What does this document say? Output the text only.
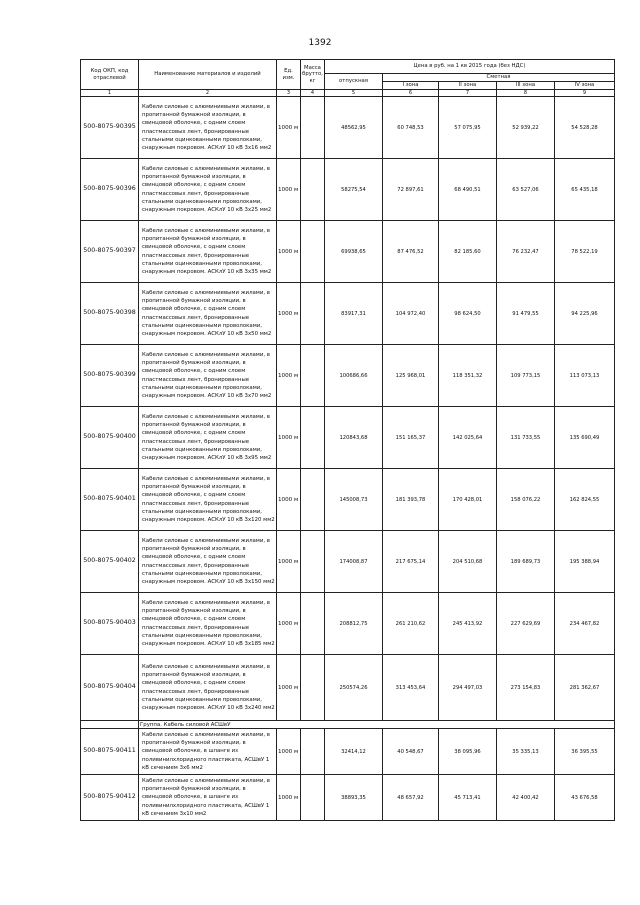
1392
Код ОКП, код отраслевой	Наименование материалов и изделий	Ед. изм.	Масса брутто, кг	Цена в руб. на 1 кв 2015 года (без НДС)				
				отпускная	Сметная			
					I зона	II зона	III зона	IV зона
1	2	3	4	5	6	7	8	9
500-8075-90395	Кабели силовые с алюминиевыми жилами, в пропитанной бумажной изоляции, в свинцовой оболочке, с одним слоем пластмассовых лент, бронированные стальными оцинкованными проволоками, снаружным покровом. АСКлУ 10 кВ 3х16 мм2	1000 м		48562,95	60 748,53	57 075,95	52 939,22	54 528,28
500-8075-90396	Кабели силовые с алюминиевыми жилами, в пропитанной бумажной изоляции, в свинцовой оболочке, с одним слоем пластмассовых лент, бронированные стальными оцинкованными проволоками, снаружным покровом. АСКлУ 10 кВ 3х25 мм2	1000 м		58275,54	72 897,61	68 490,51	63 527,06	65 435,18
500-8075-90397	Кабели силовые с алюминиевыми жилами, в пропитанной бумажной изоляции, в свинцовой оболочке, с одним слоем пластмассовых лент, бронированные стальными оцинкованными проволоками, снаружным покровом. АСКлУ 10 кВ 3х35 мм2	1000 м		69938,65	87 476,52	82 185,60	76 232,47	78 522,19
500-8075-90398	Кабели силовые с алюминиевыми жилами, в пропитанной бумажной изоляции, в свинцовой оболочке, с одним слоем пластмассовых лент, бронированные стальными оцинкованными проволоками, снаружным покровом. АСКлУ 10 кВ 3х50 мм2	1000 м		83917,31	104 972,40	98 624,50	91 479,55	94 225,96
500-8075-90399	Кабели силовые с алюминиевыми жилами, в пропитанной бумажной изоляции, в свинцовой оболочке, с одним слоем пластмассовых лент, бронированные стальными оцинкованными проволоками, снаружным покровом. АСКлУ 10 кВ 3х70 мм2	1000 м		100686,66	125 968,01	118 351,32	109 773,15	113 073,13
500-8075-90400	Кабели силовые с алюминиевыми жилами, в пропитанной бумажной изоляции, в свинцовой оболочке, с одним слоем пластмассовых лент, бронированные стальными оцинкованными проволоками, снаружным покровом. АСКлУ 10 кВ 3х95 мм2	1000 м		120843,68	151 165,37	142 025,64	131 733,55	135 690,49
500-8075-90401	Кабели силовые с алюминиевыми жилами, в пропитанной бумажной изоляции, в свинцовой оболочке, с одним слоем пластмассовых лент, бронированные стальными оцинкованными проволоками, снаружным покровом. АСКлУ 10 кВ 3х120 мм2	1000 м		145008,73	181 393,78	170 428,01	158 076,22	162 824,55
500-8075-90402	Кабели силовые с алюминиевыми жилами, в пропитанной бумажной изоляции, в свинцовой оболочке, с одним слоем пластмассовых лент, бронированные стальными оцинкованными проволоками, снаружным покровом. АСКлУ 10 кВ 3х150 мм2	1000 м		174008,87	217 675,14	204 510,68	189 689,73	195 388,94
500-8075-90403	Кабели силовые с алюминиевыми жилами, в пропитанной бумажной изоляции, в свинцовой оболочке, с одним слоем пластмассовых лент, бронированные стальными оцинкованными проволоками, снаружным покровом. АСКлУ 10 кВ 3х185 мм2	1000 м		208812,75	261 210,62	245 413,92	227 629,69	234 467,82
500-8075-90404	Кабели силовые с алюминиевыми жилами, в пропитанной бумажной изоляции, в свинцовой оболочке, с одним слоем пластмассовых лент, бронированные стальными оцинкованными проволоками, снаружным покровом. АСКлУ 10 кВ 3х240 мм2	1000 м		250574,26	313 453,64	294 497,03	273 154,83	281 362,67
	Группа. Кабель силовой АСШвУ							
500-8075-90411	Кабели силовые с алюминиевыми жилами, в пропитанной бумажной изоляции, в свинцовой оболочке, в шланге из поливинилхлоридного пластиката, АСШвУ 1 кВ сечением 3х6 мм2	1000 м		32414,12	40 548,67	38 095,96	35 335,13	36 395,55
500-8075-90412	Кабели силовые с алюминиевыми жилами, в пропитанной бумажной изоляции, в свинцовой оболочке, в шланге из поливинилхлоридного пластиката, АСШвУ 1 кВ сечением 3х10 мм2	1000 м		38893,35	48 657,92	45 713,41	42 400,42	43 676,58
